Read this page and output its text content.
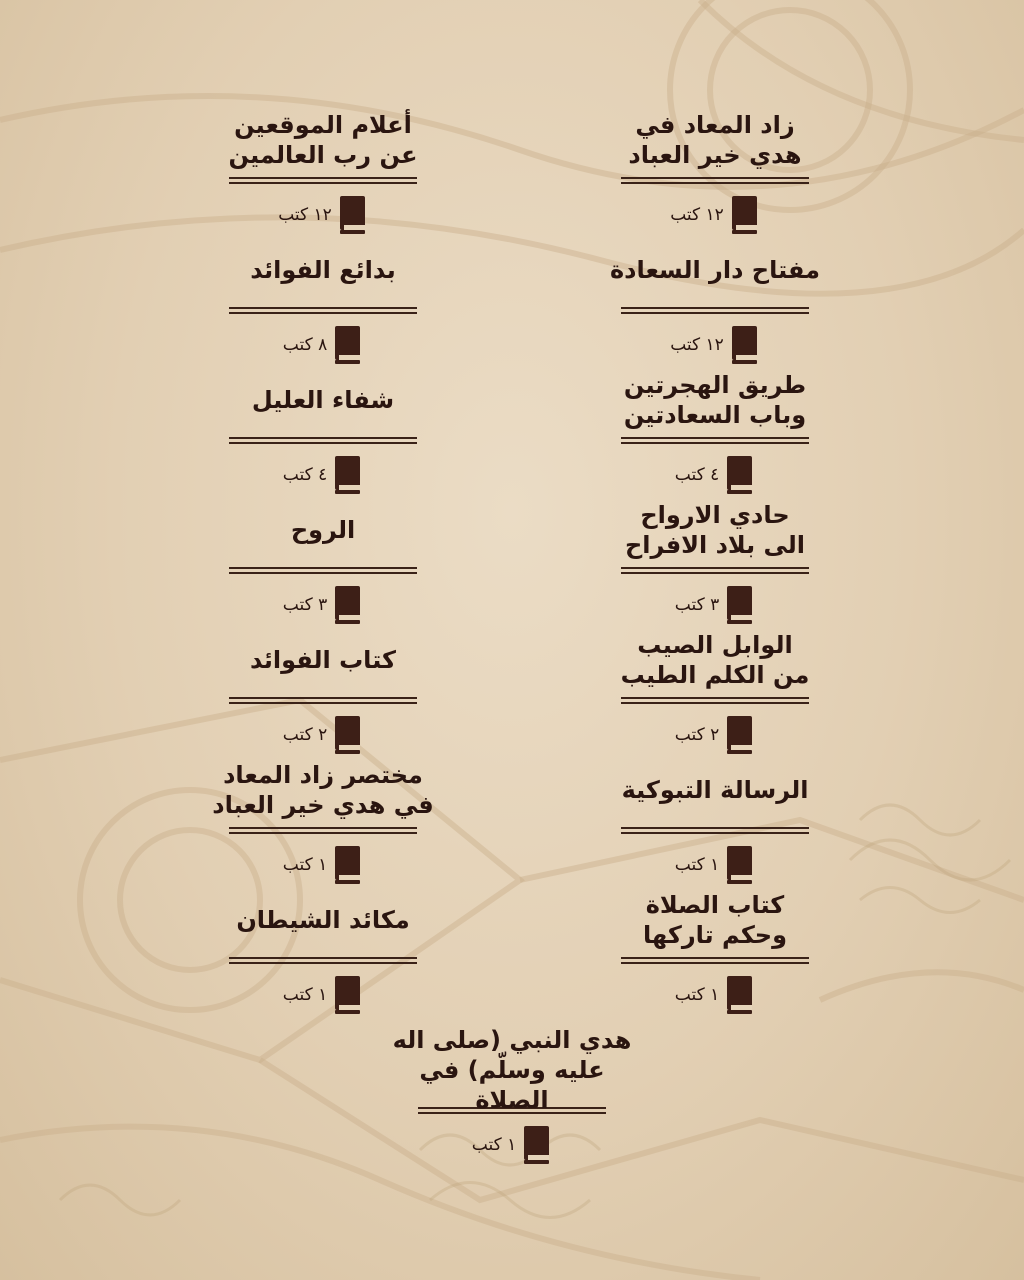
زاد المعاد في
هدي خير العباد
١٢ كتب
مفتاح دار السعادة
١٢ كتب
طريق الهجرتين
وباب السعادتين
٤ كتب
حادي الارواح
الى بلاد الافراح
٣ كتب
الوابل الصيب
من الكلم الطيب
٢ كتب
الرسالة التبوكية
١ كتب
كتاب الصلاة
وحكم تاركها
١ كتب
أعلام الموقعين
عن رب العالمين
١٢ كتب
بدائع الفوائد
٨ كتب
شفاء العليل
٤ كتب
الروح
٣ كتب
كتاب الفوائد
٢ كتب
مختصر زاد المعاد
في هدي خير العباد
١ كتب
مكائد الشيطان
١ كتب
هدي النبي (صلى اله
عليه وسلّم) في الصلاة
١ كتب
